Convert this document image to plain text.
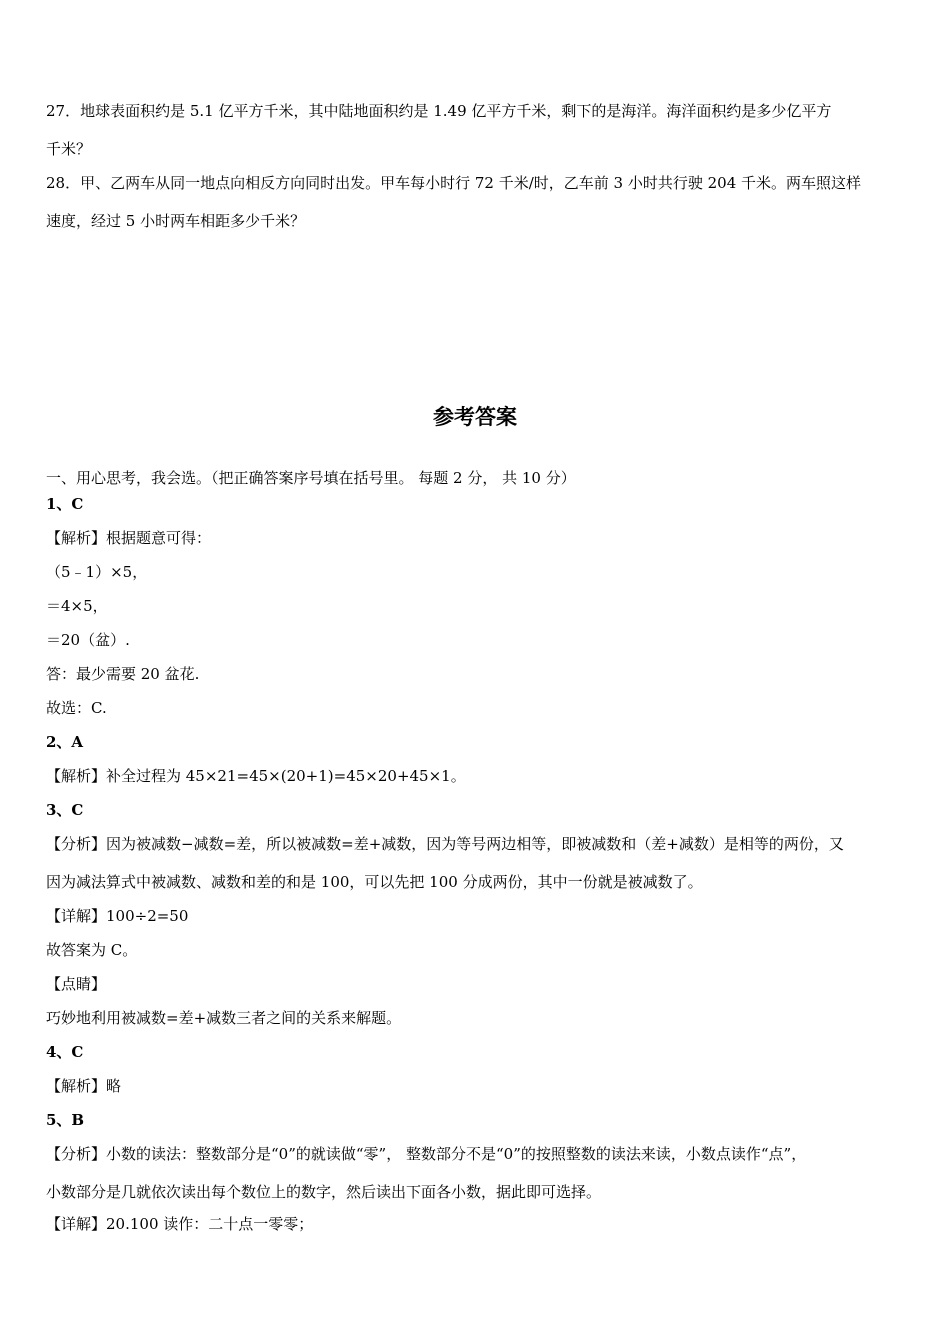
27．地球表面积约是 5.1 亿平方千米，其中陆地面积约是 1.49 亿平方千米，剩下的是海洋。海洋面积约是多少亿平方
千米？
28．甲、乙两车从同一地点向相反方向同时出发。甲车每小时行 72 千米/时，乙车前 3 小时共行驶 204 千米。两车照这样
速度，经过 5 小时两车相距多少千米？
参考答案
一、用心思考，我会选。（把正确答案序号填在括号里。 每题 2 分， 共 10 分）
1、C
【解析】根据题意可得：
（5﹣1）×5，
＝4×5，
＝20（盆）.
答：最少需要 20 盆花.
故选：C.
2、A
【解析】补全过程为 45×21=45×(20+1)=45×20+45×1。
3、C
【分析】因为被减数−减数=差，所以被减数=差+减数，因为等号两边相等，即被减数和（差+减数）是相等的两份，又
因为减法算式中被减数、减数和差的和是 100，可以先把 100 分成两份，其中一份就是被减数了。
【详解】100÷2=50
故答案为 C。
【点睛】
巧妙地利用被减数=差+减数三者之间的关系来解题。
4、C
【解析】略
5、B
【分析】小数的读法：整数部分是“0”的就读做“零”， 整数部分不是“0”的按照整数的读法来读，小数点读作“点”，
小数部分是几就依次读出每个数位上的数字，然后读出下面各小数，据此即可选择。
【详解】20.100 读作：二十点一零零；
